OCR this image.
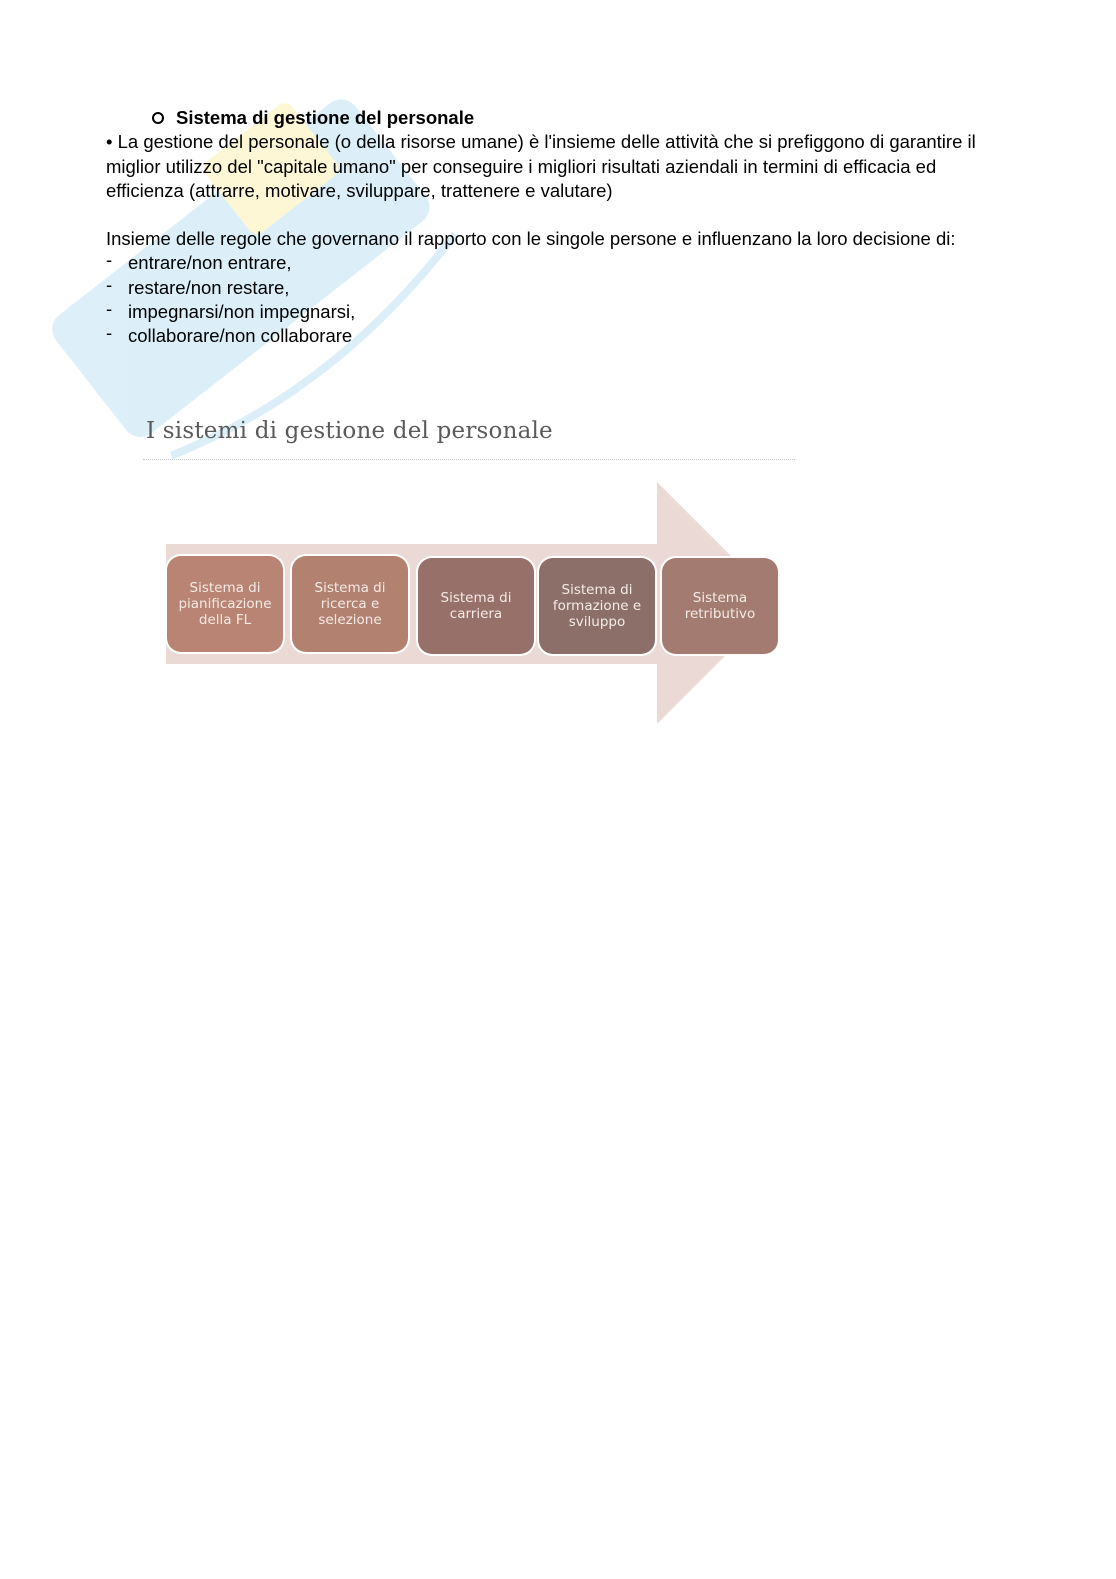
Sistema di gestione del personale

• La gestione del personale (o della risorse umane) è l'insieme delle attività che si prefiggono di garantire il miglior utilizzo del "capitale umano" per conseguire i migliori risultati aziendali in termini di efficacia ed efficienza (attrarre, motivare, sviluppare, trattenere e valutare)

Insieme delle regole che governano il rapporto con le singole persone e influenzano la loro decisione di:

- entrare/non entrare,
- restare/non restare,
- impegnarsi/non impegnarsi,
- collaborare/non collaborare
I sistemi di gestione del personale
Sistema di
pianificazione
della FL
Sistema di
ricerca e
selezione
Sistema di
carriera
Sistema di
formazione e
sviluppo
Sistema
retributivo
